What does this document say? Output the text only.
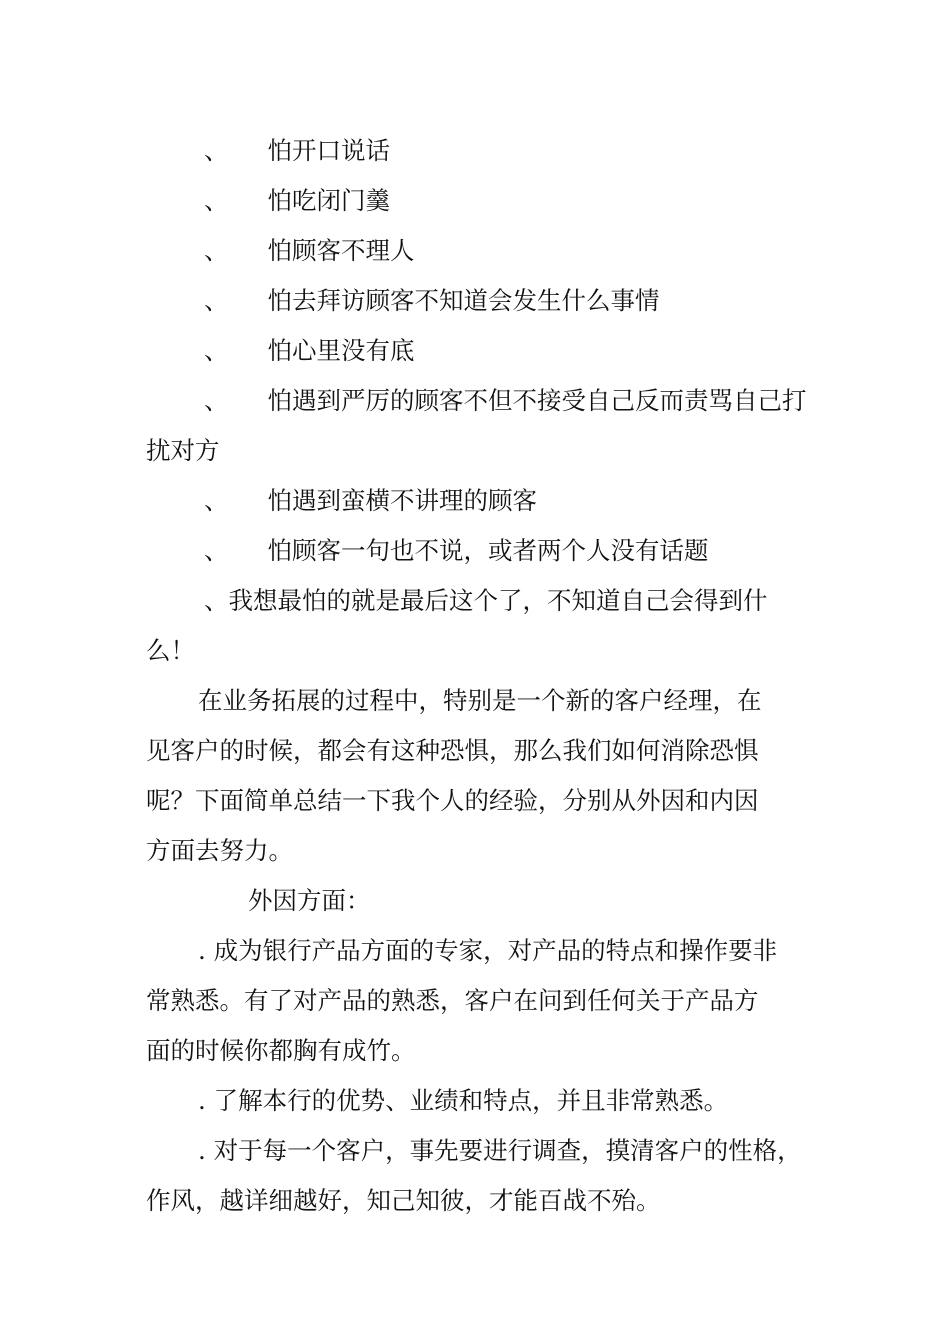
、 怕开口说话
、 怕吃闭门羹
、 怕顾客不理人
、 怕去拜访顾客不知道会发生什么事情
、 怕心里没有底
、 怕遇到严厉的顾客不但不接受自己反而责骂自己打
扰对方
、 怕遇到蛮横不讲理的顾客
、 怕顾客一句也不说，或者两个人没有话题
、我想最怕的就是最后这个了，不知道自己会得到什
么！
在业务拓展的过程中，特别是一个新的客户经理，在
见客户的时候，都会有这种恐惧，那么我们如何消除恐惧
呢？下面简单总结一下我个人的经验，分别从外因和内因
方面去努力。
外因方面：
. 成为银行产品方面的专家，对产品的特点和操作要非
常熟悉。有了对产品的熟悉，客户在问到任何关于产品方
面的时候你都胸有成竹。
. 了解本行的优势、业绩和特点，并且非常熟悉。
. 对于每一个客户，事先要进行调查，摸清客户的性格，
作风，越详细越好，知己知彼，才能百战不殆。
